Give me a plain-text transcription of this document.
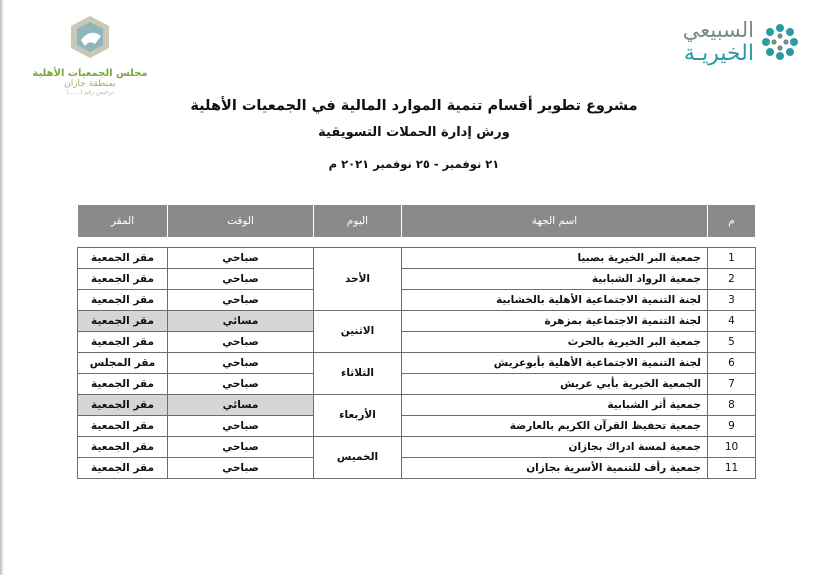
السبيعي
الخيريـة
مجلس الجمعيات الأهلية
بمنطقة جازان
ترخيص رقم (......)
مشروع تطوير أقسام تنمية الموارد المالية في الجمعيات الأهلية
ورش إدارة الحملات التسويقية
٢١ نوفمبر - ٢٥ نوفمبر ٢٠٢١ م
م	اسم الجهة	اليوم	الوقت	المقر

1	جمعية البر الخيرية بصبيا	الأحد	صباحي	مقر الجمعية
2	جمعية الرواد الشبابية		صباحي	مقر الجمعية
3	لجنة التنمية الاجتماعية الأهلية بالخشابية		صباحي	مقر الجمعية
4	لجنة التنمية الاجتماعية بمزهرة	الاثنين	مسائي	مقر الجمعية
5	جمعية البر الخيرية بالحرث		صباحي	مقر الجمعية
6	لجنة التنمية الاجتماعية الأهلية بأبوعريش	الثلاثاء	صباحي	مقر المجلس
7	الجمعية الخيرية بأبي عريش		صباحي	مقر الجمعية
8	جمعية أثر الشبابية	الأربعاء	مسائي	مقر الجمعية
9	جمعية تحفيظ القرآن الكريم بالعارضة		صباحي	مقر الجمعية
10	جمعية لمسة ادراك بجازان	الخميس	صباحي	مقر الجمعية
11	جمعية رأف للتنمية الأسرية بجازان		صباحي	مقر الجمعية
